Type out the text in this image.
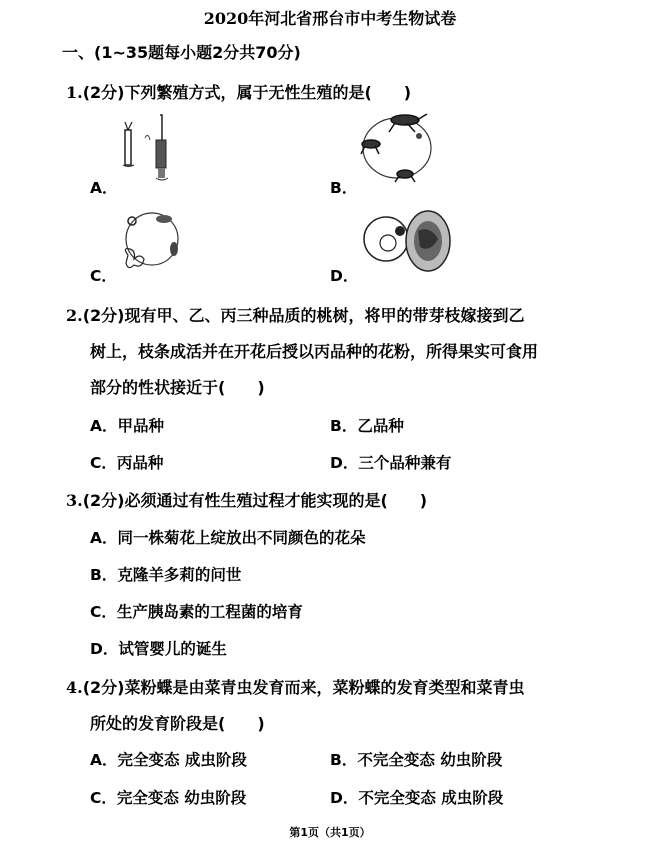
2020年河北省邢台市中考生物试卷
一、(1~35题每小题2分共70分)
1.(2分)下列繁殖方式，属于无性生殖的是(　　)
A．	B．
C．	D．
2.(2分)现有甲、乙、丙三种品质的桃树，将甲的带芽枝嫁接到乙
树上，枝条成活并在开花后授以丙品种的花粉，所得果实可食用
部分的性状接近于(　　)
A．甲品种	B．乙品种
C．丙品种	D．三个品种兼有
3.(2分)必须通过有性生殖过程才能实现的是(　　)
A．同一株菊花上绽放出不同颜色的花朵
B．克隆羊多莉的问世
C．生产胰岛素的工程菌的培育
D．试管婴儿的诞生
4.(2分)菜粉蝶是由菜青虫发育而来，菜粉蝶的发育类型和菜青虫
所处的发育阶段是(　　)
A．完全变态 成虫阶段	B．不完全变态 幼虫阶段
C．完全变态 幼虫阶段	D．不完全变态 成虫阶段
第1页（共1页）
